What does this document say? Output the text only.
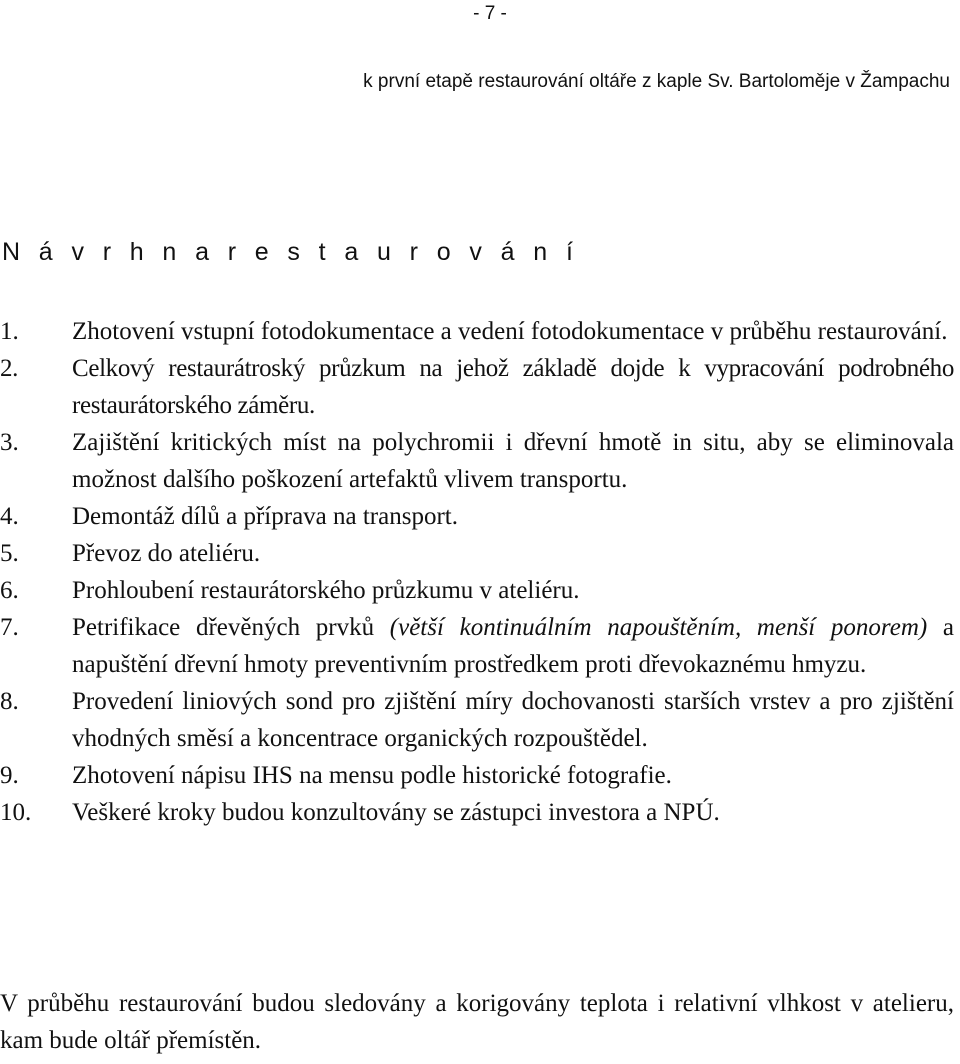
- 7 -
k první etapě restaurování oltáře z kaple Sv. Bartoloměje v Žampachu
N á v r h n a r e s t a u r o v á n í
1.	Zhotovení vstupní fotodokumentace a vedení fotodokumentace v průběhu restaurování.
2.	Celkový restaurátroský průzkum na jehož základě dojde k vypracování podrobného restaurátorského záměru.
3.	Zajištění kritických míst na polychromii i dřevní hmotě in situ, aby se eliminovala možnost dalšího poškození artefaktů vlivem transportu.
4.	Demontáž dílů a příprava na transport.
5.	Převoz do ateliéru.
6.	Prohloubení restaurátorského průzkumu v ateliéru.
7.	Petrifikace dřevěných prvků (větší kontinuálním napouštěním, menší ponorem) a napuštění dřevní hmoty preventivním prostředkem proti dřevokaznému hmyzu.
8.	Provedení liniových sond pro zjištění míry dochovanosti starších vrstev a pro zjištění vhodných směsí a koncentrace organických rozpouštědel.
9.	Zhotovení nápisu IHS na mensu podle historické fotografie.
10.	Veškeré kroky budou konzultovány se zástupci investora a NPÚ.

V průběhu restaurování budou sledovány a korigovány teplota i relativní vlhkost v atelieru, kam bude oltář přemístěn.
